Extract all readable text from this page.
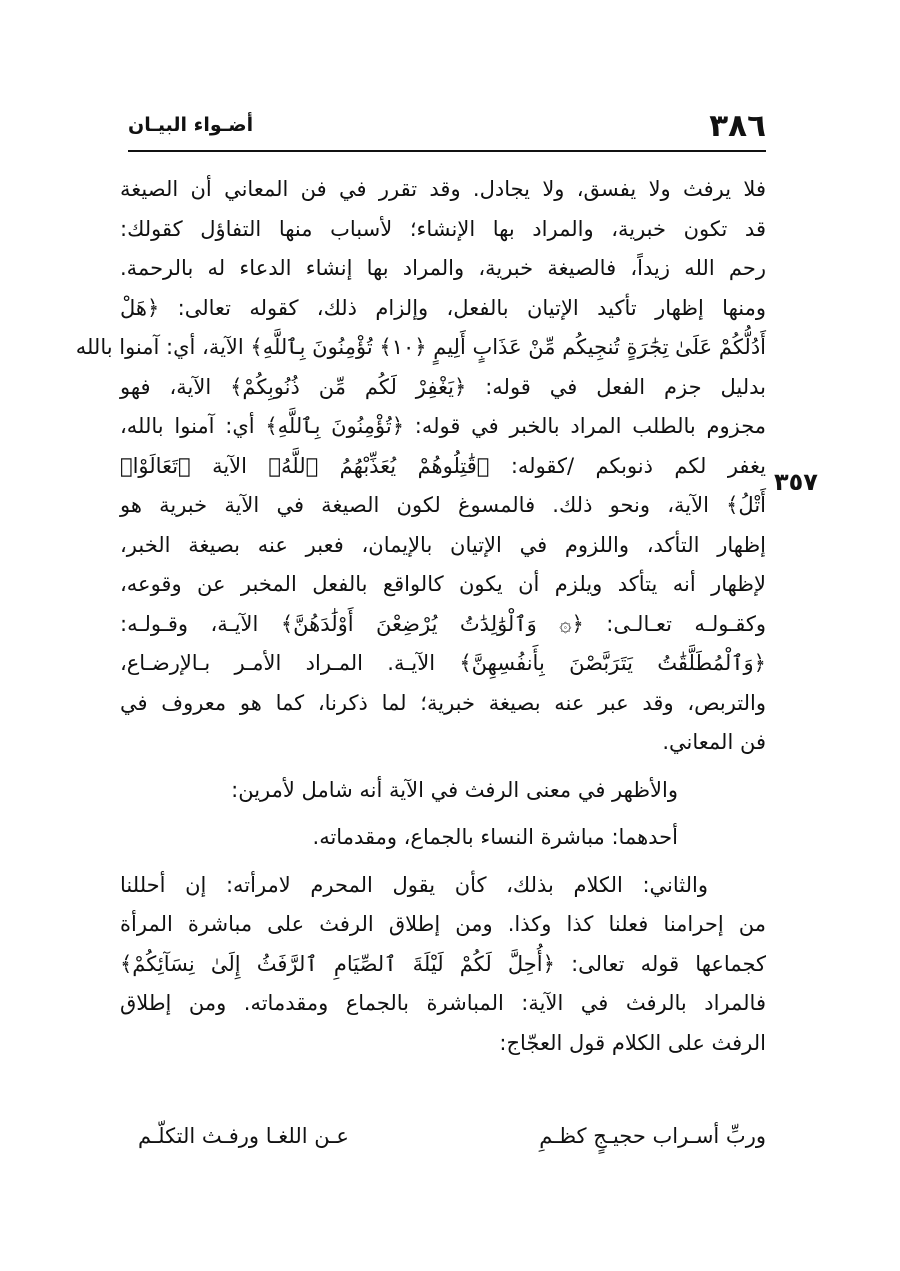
٣٨٦
أضـواء البيـان
٣٥٧
فلا يرفث ولا يفسق، ولا يجادل. وقد تقرر في فن المعاني أن الصيغة
قد تكون خبرية، والمراد بها الإنشاء؛ لأسباب منها التفاؤل كقولك:
رحم الله زيداً، فالصيغة خبرية، والمراد بها إنشاء الدعاء له بالرحمة.
ومنها إظهار تأكيد الإتيان بالفعل، وإلزام ذلك، كقوله تعالى: ﴿هَلْ
أَدُلُّكُمْ عَلَىٰ تِجَٰرَةٍ تُنجِيكُم مِّنْ عَذَابٍ أَلِيمٍ ﴿١٠﴾ تُؤْمِنُونَ بِٱللَّهِ﴾ الآية، أي: آمنوا بالله
بدليل جزم الفعل في قوله: ﴿يَغْفِرْ لَكُم مِّن ذُنُوبِكُمْ﴾ الآية، فهو
مجزوم بالطلب المراد بالخبر في قوله: ﴿تُؤْمِنُونَ بِٱللَّهِ﴾ أي: آمنوا بالله،
يغفر لكم ذنوبكم /كقوله: ﴿قَٰتِلُوهُمْ يُعَذِّبْهُمُ ٱللَّهُ﴾ الآية ﴿تَعَالَوْا۟
أَتْلُ﴾ الآية، ونحو ذلك. فالمسوغ لكون الصيغة في الآية خبرية هو
إظهار التأكد، واللزوم في الإتيان بالإيمان، فعبر عنه بصيغة الخبر،
لإظهار أنه يتأكد ويلزم أن يكون كالواقع بالفعل المخبر عن وقوعه،
وكقـولـه تعـالـى: ﴿۞ وَٱلْوَٰلِدَٰتُ يُرْضِعْنَ أَوْلَٰدَهُنَّ﴾ الآيـة، وقـولـه:
﴿وَٱلْمُطَلَّقَٰتُ يَتَرَبَّصْنَ بِأَنفُسِهِنَّ﴾ الآيـة. المـراد الأمـر بـالإرضـاع،
والتربص، وقد عبر عنه بصيغة خبرية؛ لما ذكرنا، كما هو معروف في
فن المعاني.
والأظهر في معنى الرفث في الآية أنه شامل لأمرين:
أحدهما: مباشرة النساء بالجماع، ومقدماته.
والثاني: الكلام بذلك، كأن يقول المحرم لامرأته: إن أحللنا
من إحرامنا فعلنا كذا وكذا. ومن إطلاق الرفث على مباشرة المرأة
كجماعها قوله تعالى: ﴿أُحِلَّ لَكُمْ لَيْلَةَ ٱلصِّيَامِ ٱلرَّفَثُ إِلَىٰ نِسَآئِكُمْ﴾
فالمراد بالرفث في الآية: المباشرة بالجماع ومقدماته. ومن إطلاق
الرفث على الكلام قول العجّاج:
وربِّ أسـراب حجيـجٍ كظـمِ
عـن اللغـا ورفـث التكلّـم
